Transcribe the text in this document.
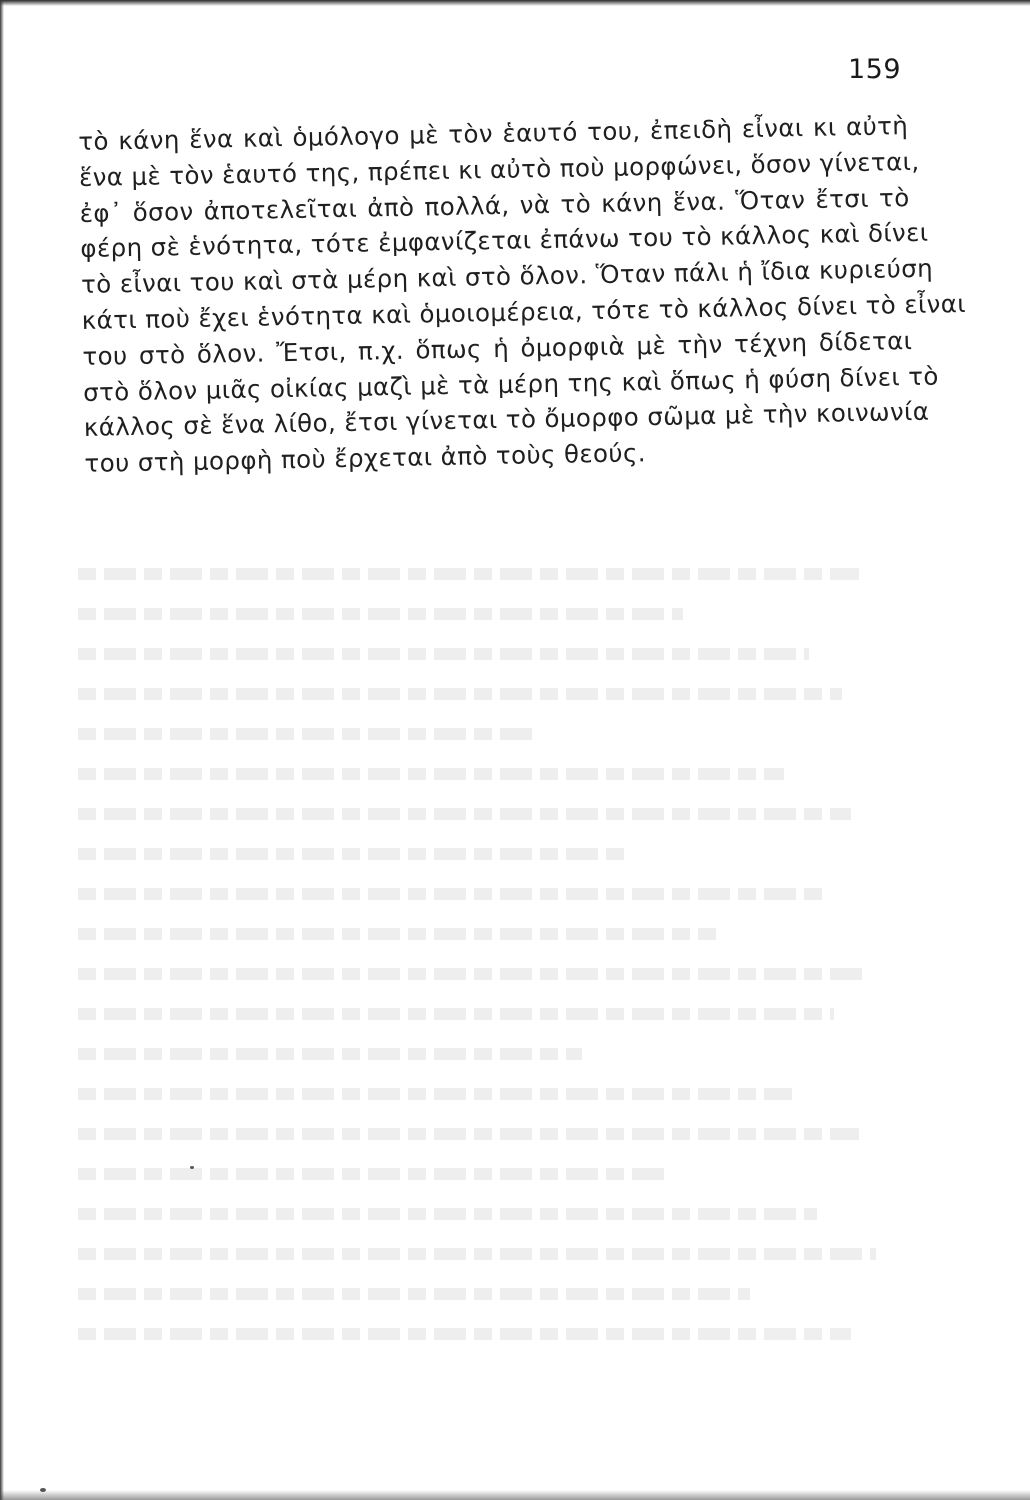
159
τὸ κάνη ἕνα καὶ ὁμόλογο μὲ τὸν ἑαυτό του, ἐπειδὴ εἶναι κι αὐτὴ
ἕνα μὲ τὸν ἑαυτό της, πρέπει κι αὐτὸ ποὺ μορφώνει, ὅσον γίνεται,
ἐφ᾽ ὅσον ἀποτελεῖται ἀπὸ πολλά, νὰ τὸ κάνη ἕνα. Ὅταν ἔτσι τὸ
φέρη σὲ ἑνότητα, τότε ἐμφανίζεται ἐπάνω του τὸ κάλλος καὶ δίνει
τὸ εἶναι του καὶ στὰ μέρη καὶ στὸ ὅλον. Ὅταν πάλι ἡ ἴδια κυριεύση
κάτι ποὺ ἔχει ἑνότητα καὶ ὁμοιομέρεια, τότε τὸ κάλλος δίνει τὸ εἶναι
του στὸ ὅλον. Ἔτσι, π.χ. ὅπως ἡ ὀμορφιὰ μὲ τὴν τέχνη δίδεται
στὸ ὅλον μιᾶς οἰκίας μαζὶ μὲ τὰ μέρη της καὶ ὅπως ἡ φύση δίνει τὸ
κάλλος σὲ ἕνα λίθο, ἔτσι γίνεται τὸ ὄμορφο σῶμα μὲ τὴν κοινωνία
του στὴ μορφὴ ποὺ ἔρχεται ἀπὸ τοὺς θεούς.
